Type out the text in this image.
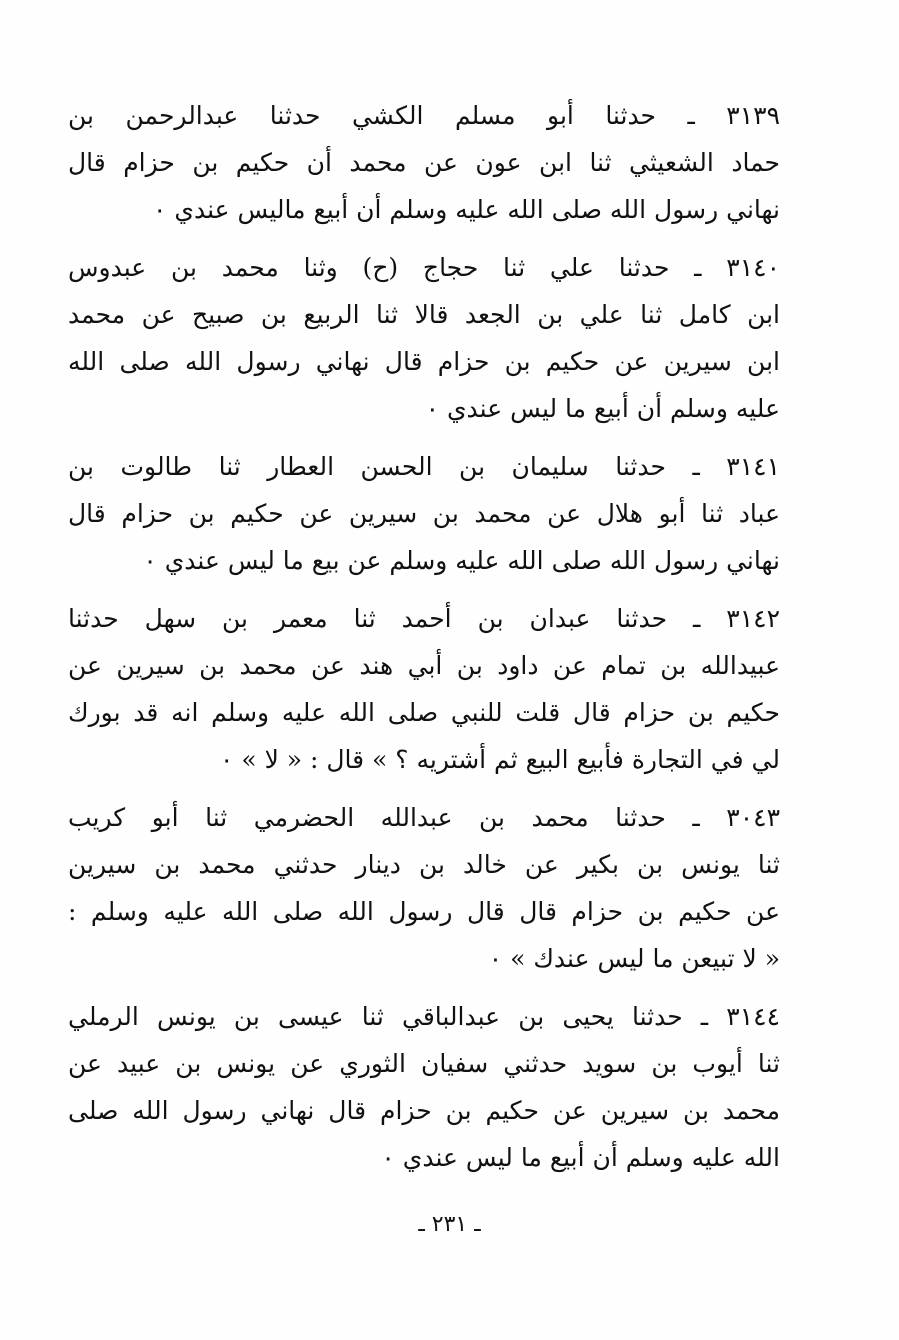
٣١٣٩ ـ حدثنا أبو مسلم الكشي حدثنا عبدالرحمن بن
حماد الشعيثي ثنا ابن عون عن محمد أن حكيم بن حزام قال
نهاني رسول الله صلى الله عليه وسلم أن أبيع ماليس عندي ٠
٣١٤٠ ـ حدثنا علي ثنا حجاج (ح) وثنا محمد بن عبدوس
ابن كامل ثنا علي بن الجعد قالا ثنا الربيع بن صبيح عن محمد
ابن سيرين عن حكيم بن حزام قال نهاني رسول الله صلى الله
عليه وسلم أن أبيع ما ليس عندي ٠
٣١٤١ ـ حدثنا سليمان بن الحسن العطار ثنا طالوت بن
عباد ثنا أبو هلال عن محمد بن سيرين عن حكيم بن حزام قال
نهاني رسول الله صلى الله عليه وسلم عن بيع ما ليس عندي ٠
٣١٤٢ ـ حدثنا عبدان بن أحمد ثنا معمر بن سهل حدثنا
عبيدالله بن تمام عن داود بن أبي هند عن محمد بن سيرين عن
حكيم بن حزام قال قلت للنبي صلى الله عليه وسلم انه قد بورك
لي في التجارة فأبيع البيع ثم أشتريه ؟ » قال : « لا » ٠
٣٠٤٣ ـ حدثنا محمد بن عبدالله الحضرمي ثنا أبو كريب
ثنا يونس بن بكير عن خالد بن دينار حدثني محمد بن سيرين
عن حكيم بن حزام قال قال رسول الله صلى الله عليه وسلم :
« لا تبيعن ما ليس عندك » ٠
٣١٤٤ ـ حدثنا يحيى بن عبدالباقي ثنا عيسى بن يونس الرملي
ثنا أيوب بن سويد حدثني سفيان الثوري عن يونس بن عبيد عن
محمد بن سيرين عن حكيم بن حزام قال نهاني رسول الله صلى
الله عليه وسلم أن أبيع ما ليس عندي ٠
ـ ٢٣١ ـ
